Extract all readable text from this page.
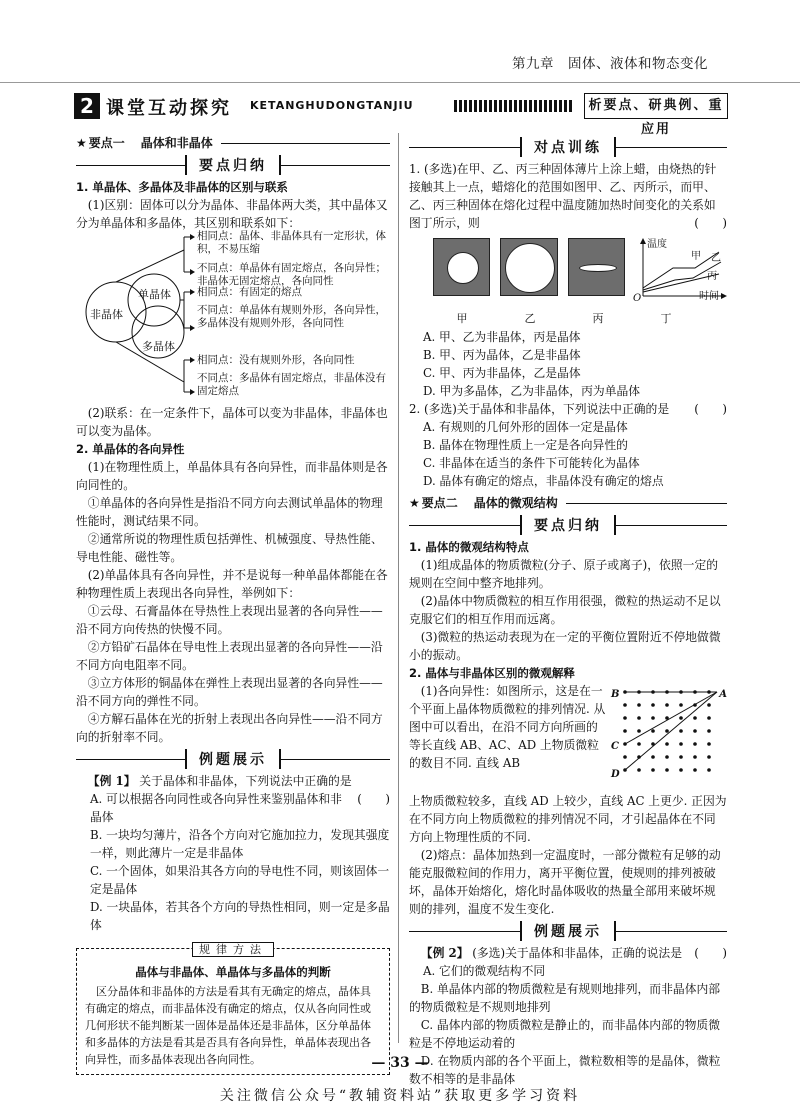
第九章　固体、液体和物态变化
2 课堂互动探究 KETANGHUDONGTANJIU	析要点、研典例、重应用
★ 要点一 晶体和非晶体
要点归纳

1. 单晶体、多晶体及非晶体的区别与联系

(1)区别：固体可以分为晶体、非晶体两大类，其中晶体又分为单晶体和多晶体，其区别和联系如下：

非晶体
单晶体
多晶体
相同点：晶体、非晶体具有一定形状，体积，不易压缩
不同点：单晶体有固定熔点，各向异性；非晶体无固定熔点，各向同性
相同点：有固定的熔点
不同点：单晶体有规则外形，各向异性，多晶体没有规则外形，各向同性
相同点：没有规则外形，各向同性
不同点：多晶体有固定熔点，非晶体没有固定熔点

(2)联系：在一定条件下，晶体可以变为非晶体，非晶体也可以变为晶体。

2. 单晶体的各向异性

(1)在物理性质上，单晶体具有各向异性，而非晶体则是各向同性的。

①单晶体的各向异性是指沿不同方向去测试单晶体的物理性能时，测试结果不同。

②通常所说的物理性质包括弹性、机械强度、导热性能、导电性能、磁性等。

(2)单晶体具有各向异性，并不是说每一种单晶体都能在各种物理性质上表现出各向异性，举例如下：

①云母、石膏晶体在导热性上表现出显著的各向异性——沿不同方向传热的快慢不同。

②方铅矿石晶体在导电性上表现出显著的各向异性——沿不同方向电阻率不同。

③立方体形的铜晶体在弹性上表现出显著的各向异性——沿不同方向的弹性不同。

④方解石晶体在光的折射上表现出各向异性——沿不同方向的折射率不同。

例题展示

【例 1】 关于晶体和非晶体，下列说法中正确的是
(　　)

A. 可以根据各向同性或各向异性来鉴别晶体和非晶体

B. 一块均匀薄片，沿各个方向对它施加拉力，发现其强度一样，则此薄片一定是非晶体

C. 一个固体，如果沿其各方向的导电性不同，则该固体一定是晶体

D. 一块晶体，若其各个方向的导热性相同，则一定是多晶体

规律方法
晶体与非晶体、单晶体与多晶体的判断

区分晶体和非晶体的方法是看其有无确定的熔点，晶体具有确定的熔点，而非晶体没有确定的熔点，仅从各向同性或几何形状不能判断某一固体是晶体还是非晶体，区分单晶体和多晶体的方法是看其是否具有各向异性，单晶体表现出各向异性，而多晶体表现出各向同性。

对点训练

1. (多选)在甲、乙、丙三种固体薄片上涂上蜡，由烧热的针接触其上一点，蜡熔化的范围如图甲、乙、丙所示，而甲、乙、丙三种固体在熔化过程中温度随加热时间变化的关系如图丁所示，则	(　　)

温度
时间
O
甲 乙
丙
甲	乙	丙	丁

A. 甲、乙为非晶体，丙是晶体

B. 甲、丙为晶体，乙是非晶体

C. 甲、丙为非晶体，乙是晶体

D. 甲为多晶体，乙为非晶体，丙为单晶体

2. (多选)关于晶体和非晶体，下列说法中正确的是 (　　)

A. 有规则的几何外形的固体一定是晶体

B. 晶体在物理性质上一定是各向异性的

C. 非晶体在适当的条件下可能转化为晶体

D. 晶体有确定的熔点，非晶体没有确定的熔点

★ 要点二 晶体的微观结构
要点归纳

1. 晶体的微观结构特点

(1)组成晶体的物质微粒(分子、原子或离子)，依照一定的规则在空间中整齐地排列。

(2)晶体中物质微粒的相互作用很强，微粒的热运动不足以克服它们的相互作用而远离。

(3)微粒的热运动表现为在一定的平衡位置附近不停地做微小的振动。

2. 晶体与非晶体区别的微观解释

A
B
C
D

(1)各向异性：如图所示，这是在一个平面上晶体物质微粒的排列情况. 从图中可以看出，在沿不同方向所画的等长直线 AB、AC、AD 上物质微粒的数目不同. 直线 AB

上物质微粒较多，直线 AD 上较少，直线 AC 上更少. 正因为在不同方向上物质微粒的排列情况不同，才引起晶体在不同方向上物理性质的不同.

(2)熔点：晶体加热到一定温度时，一部分微粒有足够的动能克服微粒间的作用力，离开平衡位置，使规则的排列被破坏，晶体开始熔化，熔化时晶体吸收的热量全部用来破坏规则的排列，温度不发生变化.

例题展示

【例 2】 (多选)关于晶体和非晶体，正确的说法是	(　　)

A. 它们的微观结构不同

B. 单晶体内部的物质微粒是有规则地排列，而非晶体内部的物质微粒是不规则地排列

C. 晶体内部的物质微粒是静止的，而非晶体内部的物质微粒是不停地运动着的

D. 在物质内部的各个平面上，微粒数相等的是晶体，微粒数不相等的是非晶体

— 33 —
关注微信公众号“教辅资料站”获取更多学习资料
